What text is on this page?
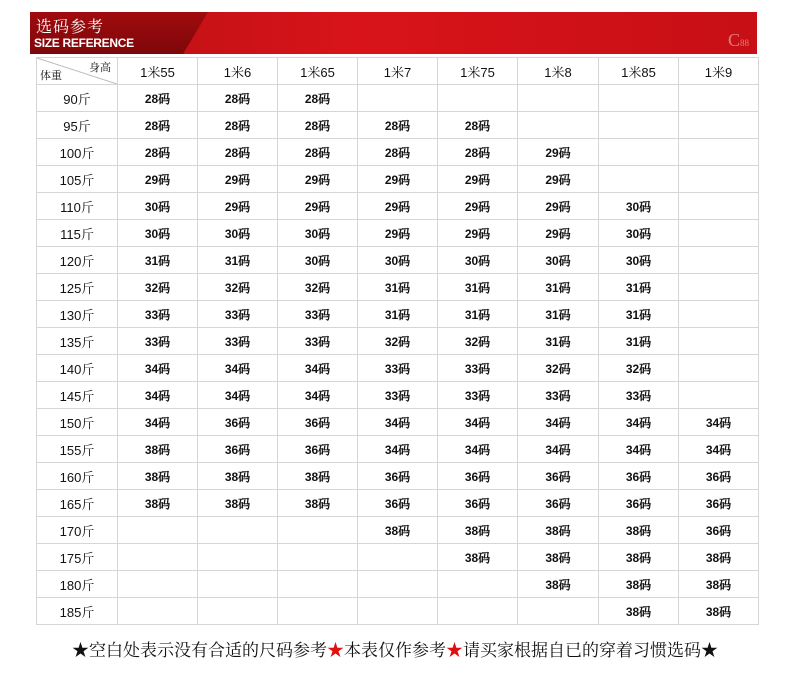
选码参考
SIZE REFERENCE	C88
身高
体重	1米55	1米6	1米65	1米7	1米75	1米8	1米85	1米9
90斤	28码	28码	28码					
95斤	28码	28码	28码	28码	28码			
100斤	28码	28码	28码	28码	28码	29码		
105斤	29码	29码	29码	29码	29码	29码		
110斤	30码	29码	29码	29码	29码	29码	30码	
115斤	30码	30码	30码	29码	29码	29码	30码	
120斤	31码	31码	30码	30码	30码	30码	30码	
125斤	32码	32码	32码	31码	31码	31码	31码	
130斤	33码	33码	33码	31码	31码	31码	31码	
135斤	33码	33码	33码	32码	32码	31码	31码	
140斤	34码	34码	34码	33码	33码	32码	32码	
145斤	34码	34码	34码	33码	33码	33码	33码	
150斤	34码	36码	36码	34码	34码	34码	34码	34码
155斤	38码	36码	36码	34码	34码	34码	34码	34码
160斤	38码	38码	38码	36码	36码	36码	36码	36码
165斤	38码	38码	38码	36码	36码	36码	36码	36码
170斤				38码	38码	38码	38码	36码
175斤					38码	38码	38码	38码
180斤						38码	38码	38码
185斤							38码	38码
★空白处表示没有合适的尺码参考★本表仅作参考★请买家根据自已的穿着习惯选码★
